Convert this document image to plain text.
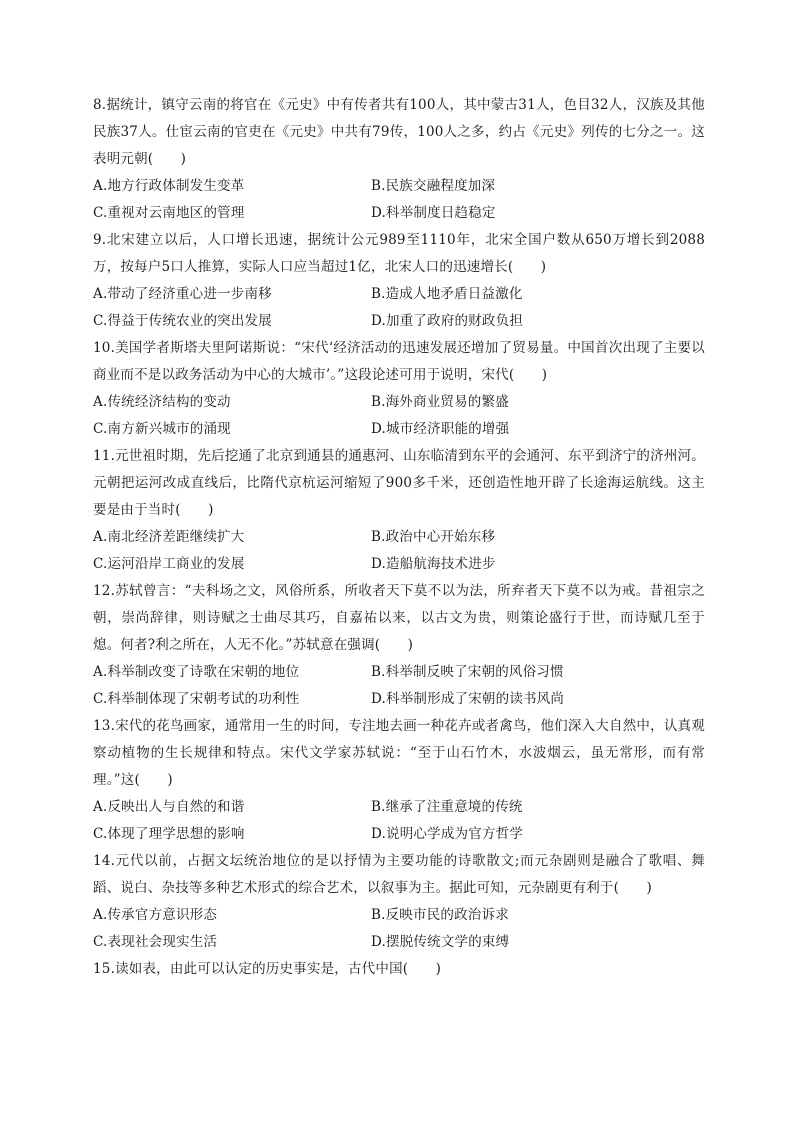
8.据统计，镇守云南的将官在《元史》中有传者共有100人，其中蒙古31人，色目32人，汉族及其他民族37人。仕宦云南的官吏在《元史》中共有79传，100人之多，约占《元史》列传的七分之一。这表明元朝(　　)

A.地方行政体制发生变革	B.民族交融程度加深
C.重视对云南地区的管理	D.科举制度日趋稳定

9.北宋建立以后，人口增长迅速，据统计公元989至1110年，北宋全国户数从650万增长到2088万，按每户5口人推算，实际人口应当超过1亿，北宋人口的迅速增长(　　)

A.带动了经济重心进一步南移	B.造成人地矛盾日益激化
C.得益于传统农业的突出发展	D.加重了政府的财政负担

10.美国学者斯塔夫里阿诺斯说：“宋代‘经济活动的迅速发展还增加了贸易量。中国首次出现了主要以商业而不是以政务活动为中心的大城市’。”这段论述可用于说明，宋代(　　)

A.传统经济结构的变动	B.海外商业贸易的繁盛
C.南方新兴城市的涌现	D.城市经济职能的增强

11.元世祖时期，先后挖通了北京到通县的通惠河、山东临清到东平的会通河、东平到济宁的济州河。元朝把运河改成直线后，比隋代京杭运河缩短了900多千米，还创造性地开辟了长途海运航线。这主要是由于当时(　　)

A.南北经济差距继续扩大	B.政治中心开始东移
C.运河沿岸工商业的发展	D.造船航海技术进步

12.苏轼曾言：“夫科场之文，风俗所系，所收者天下莫不以为法，所弃者天下莫不以为戒。昔祖宗之朝，崇尚辞律，则诗赋之士曲尽其巧，自嘉祐以来，以古文为贵，则策论盛行于世，而诗赋几至于熄。何者?利之所在，人无不化。”苏轼意在强调(　　)

A.科举制改变了诗歌在宋朝的地位	B.科举制反映了宋朝的风俗习惯
C.科举制体现了宋朝考试的功利性	D.科举制形成了宋朝的读书风尚

13.宋代的花鸟画家，通常用一生的时间，专注地去画一种花卉或者禽鸟，他们深入大自然中，认真观察动植物的生长规律和特点。宋代文学家苏轼说：“至于山石竹木，水波烟云，虽无常形，而有常理。”这(　　)

A.反映出人与自然的和谐	B.继承了注重意境的传统
C.体现了理学思想的影响	D.说明心学成为官方哲学

14.元代以前，占据文坛统治地位的是以抒情为主要功能的诗歌散文;而元杂剧则是融合了歌唱、舞蹈、说白、杂技等多种艺术形式的综合艺术，以叙事为主。据此可知，元杂剧更有利于(　　)

A.传承官方意识形态	B.反映市民的政治诉求
C.表现社会现实生活	D.摆脱传统文学的束缚

15.读如表，由此可以认定的历史事实是，古代中国(　　)
